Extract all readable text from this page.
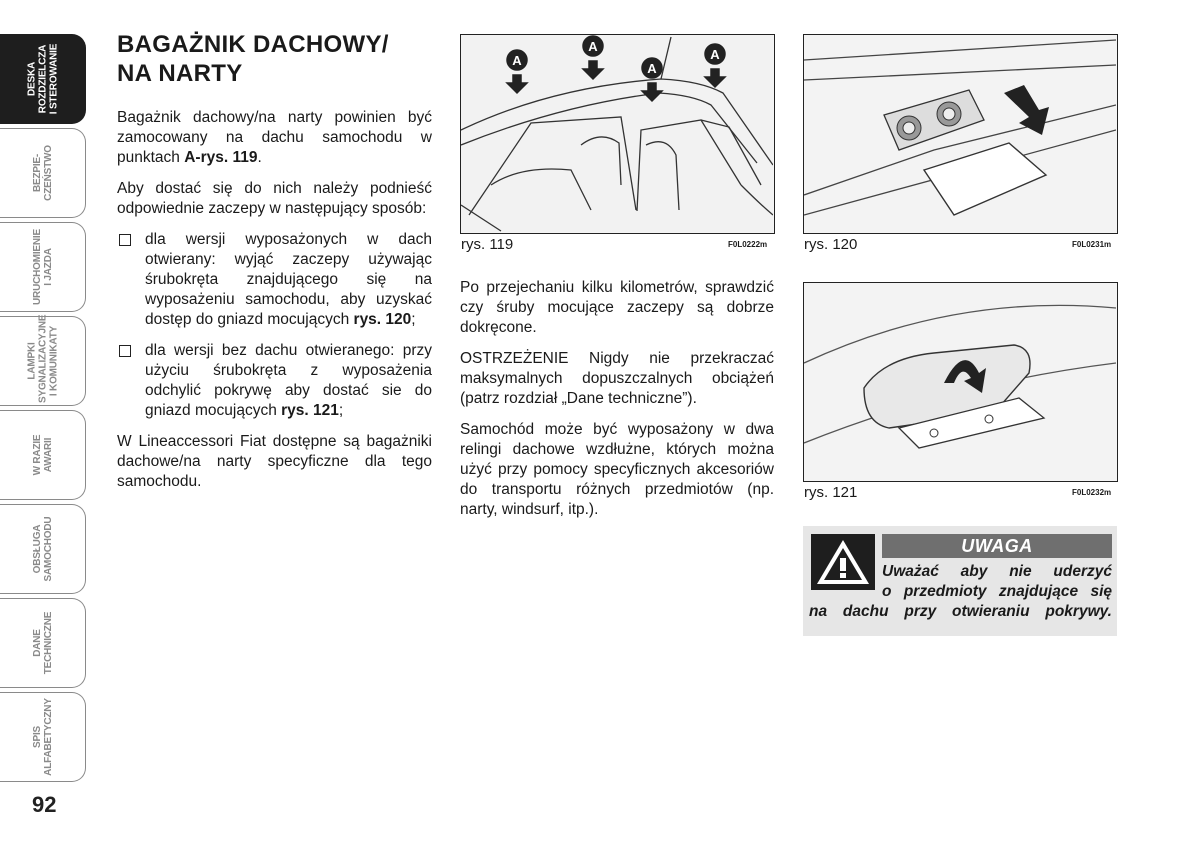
DESKA
ROZDZIELCZA
I STEROWANIE
BEZPIE-
CZEŃSTWO
URUCHOMIENIE
I JAZDA
LAMPKI
SYGNALIZACYJNE
I KOMUNIKATY
W RAZIE
AWARII
OBSŁUGA
SAMOCHODU
DANE
TECHNICZNE
SPIS
ALFABETYCZNY
92
BAGAŻNIK DACHOWY/
NA NARTY

Bagażnik dachowy/na narty powinien być zamocowany na dachu samochodu w punktach A-rys. 119.

Aby dostać się do nich należy podnieść odpowiednie zaczepy w następujący sposób:

dla wersji wyposażonych w dach otwierany: wyjąć zaczepy używając śrubokręta znajdującego się na wyposażeniu samochodu, aby uzyskać dostęp do gniazd mocujących rys. 120;
dla wersji bez dachu otwieranego: przy użyciu śrubokręta z wyposażenia odchylić pokrywę aby dostać sie do gniazd mocujących rys. 121;

W Lineaccessori Fiat dostępne są bagażniki dachowe/na narty specyficzne dla tego samochodu.

A
A
A
A
rys. 119	F0L0222m rys. 120	F0L0231m

Po przejechaniu kilku kilometrów, sprawdzić czy śruby mocujące zaczepy są dobrze dokręcone.

OSTRZEŻENIE Nigdy nie przekraczać maksymalnych dopuszczalnych obciążeń (patrz rozdział „Dane techniczne”).

Samochód może być wyposażony w dwa relingi dachowe wzdłużne, których można użyć przy pomocy specyficznych akcesoriów do transportu różnych przedmiotów (np. narty, windsurf, itp.).

rys. 121	F0L0232m
UWAGA
Uważać aby nie uderzyć
o przedmioty znajdujące się
na dachu przy otwieraniu pokrywy.
